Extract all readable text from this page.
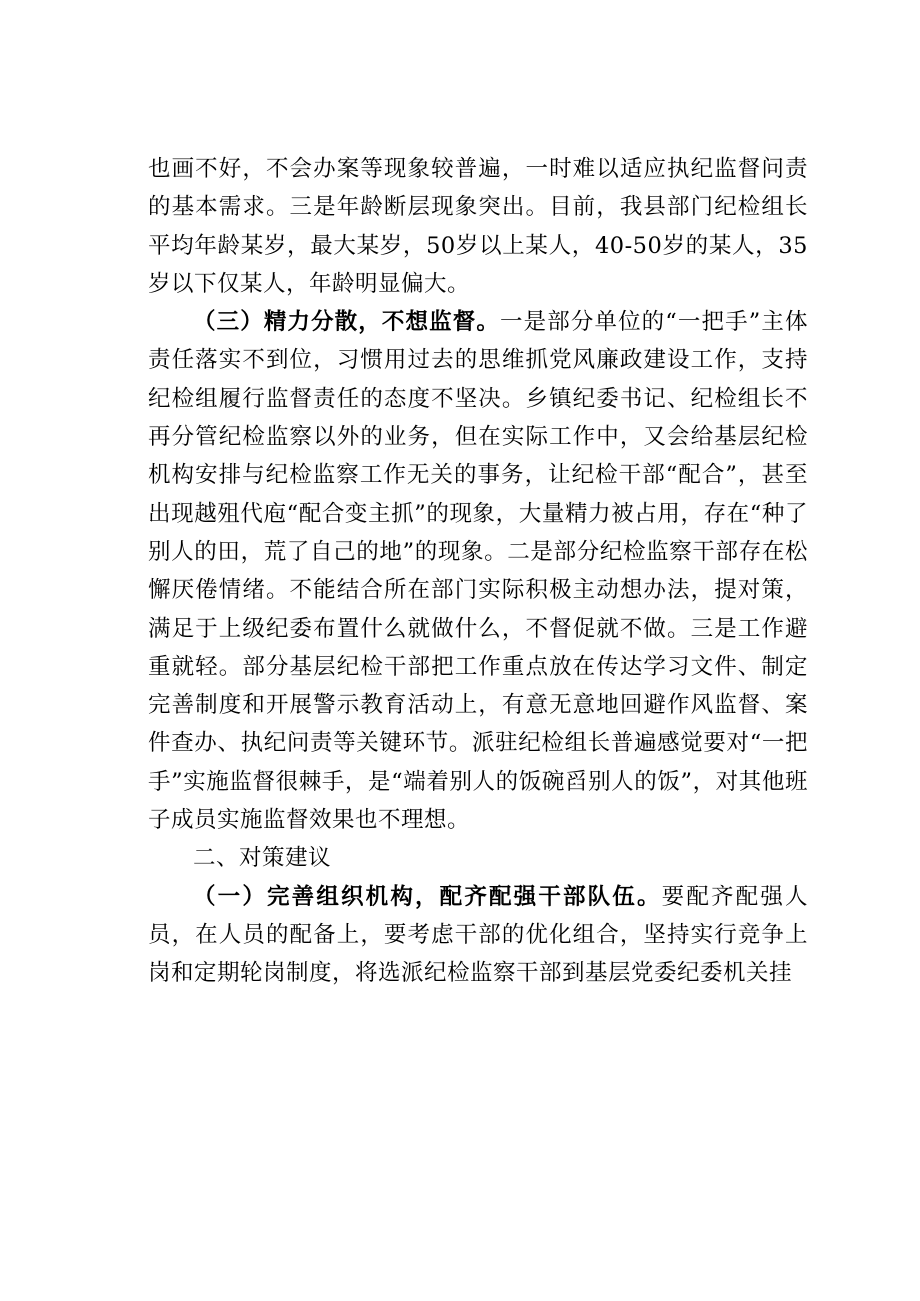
也画不好，不会办案等现象较普遍，一时难以适应执纪监督问责的基本需求。三是年龄断层现象突出。目前，我县部门纪检组长平均年龄某岁，最大某岁，50岁以上某人，40-50岁的某人，35岁以下仅某人，年龄明显偏大。

（三）精力分散，不想监督。一是部分单位的“一把手”主体责任落实不到位，习惯用过去的思维抓党风廉政建设工作，支持纪检组履行监督责任的态度不坚决。乡镇纪委书记、纪检组长不再分管纪检监察以外的业务，但在实际工作中，又会给基层纪检机构安排与纪检监察工作无关的事务，让纪检干部“配合”，甚至出现越殂代庖“配合变主抓”的现象，大量精力被占用，存在“种了别人的田，荒了自己的地”的现象。二是部分纪检监察干部存在松懈厌倦情绪。不能结合所在部门实际积极主动想办法，提对策，满足于上级纪委布置什么就做什么，不督促就不做。三是工作避重就轻。部分基层纪检干部把工作重点放在传达学习文件、制定完善制度和开展警示教育活动上，有意无意地回避作风监督、案件查办、执纪问责等关键环节。派驻纪检组长普遍感觉要对“一把手”实施监督很棘手，是“端着别人的饭碗舀别人的饭”，对其他班子成员实施监督效果也不理想。

二、对策建议

（一）完善组织机构，配齐配强干部队伍。要配齐配强人员，在人员的配备上，要考虑干部的优化组合，坚持实行竞争上岗和定期轮岗制度，将选派纪检监察干部到基层党委纪委机关挂
